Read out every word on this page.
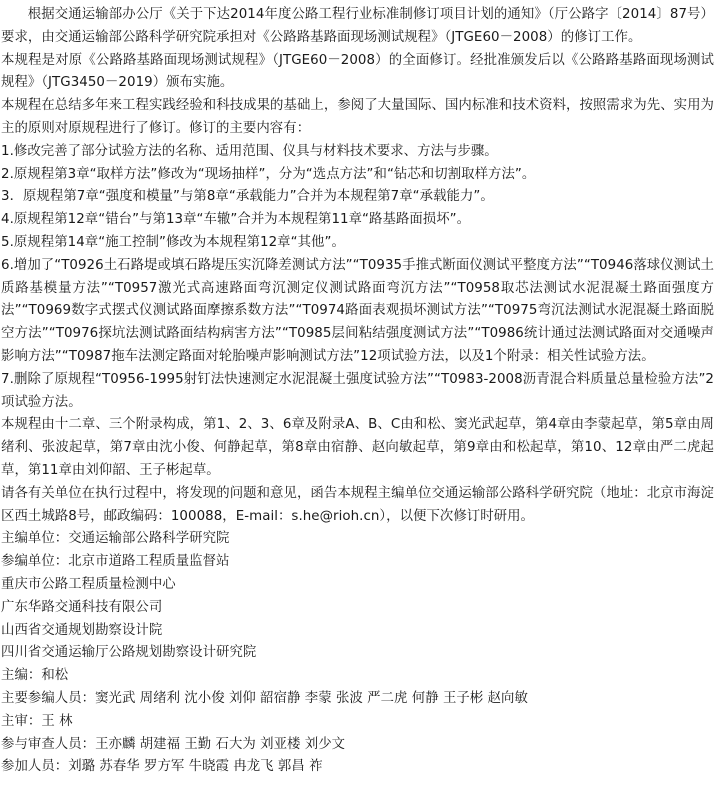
根据交通运输部办公厅《关于下达2014年度公路工程行业标准制修订项目计划的通知》（厅公路字〔2014〕87号）要求，由交通运输部公路科学研究院承担对《公路路基路面现场测试规程》（JTGE60－2008）的修订工作。

本规程是对原《公路路基路面现场测试规程》（JTGE60－2008）的全面修订。经批准颁发后以《公路路基路面现场测试规程》（JTG3450－2019）颁布实施。

本规程在总结多年来工程实践经验和科技成果的基础上，参阅了大量国际、国内标准和技术资料，按照需求为先、实用为主的原则对原规程进行了修订。修订的主要内容有：

1.修改完善了部分试验方法的名称、适用范围、仪具与材料技术要求、方法与步骤。

2.原规程第3章“取样方法”修改为“现场抽样”，分为“选点方法”和“钻芯和切割取样方法”。

3．原规程第7章“强度和模量”与第8章“承载能力”合并为本规程第7章“承载能力”。

4.原规程第12章“错台”与第13章“车辙”合并为本规程第11章“路基路面损坏”。

5.原规程第14章“施工控制”修改为本规程第12章“其他”。

6.增加了“T0926土石路堤或填石路堤压实沉降差测试方法”“T0935手推式断面仪测试平整度方法”“T0946落球仪测试土质路基模量方法”“T0957激光式高速路面弯沉测定仪测试路面弯沉方法”“T0958取芯法测试水泥混凝土路面强度方法”“T0969数字式摆式仪测试路面摩擦系数方法”“T0974路面表观损坏测试方法”“T0975弯沉法测试水泥混凝土路面脱空方法”“T0976探坑法测试路面结构病害方法”“T0985层间粘结强度测试方法”“T0986统计通过法测试路面对交通噪声影响方法”“T0987拖车法测定路面对轮胎噪声影响测试方法”12项试验方法，以及1个附录：相关性试验方法。

7.删除了原规程“T0956-1995射钉法快速测定水泥混凝土强度试验方法”“T0983-2008沥青混合料质量总量检验方法”2项试验方法。

本规程由十二章、三个附录构成，第1、2、3、6章及附录A、B、C由和松、窦光武起草，第4章由李蒙起草，第5章由周绪利、张波起草，第7章由沈小俊、何静起草，第8章由宿静、赵向敏起草，第9章由和松起草，第10、12章由严二虎起草，第11章由刘仰韶、王子彬起草。

请各有关单位在执行过程中，将发现的问题和意见，函告本规程主编单位交通运输部公路科学研究院（地址：北京市海淀区西土城路8号，邮政编码：100088，E-mail：s.he@rioh.cn），以便下次修订时研用。

主编单位：交通运输部公路科学研究院

参编单位：北京市道路工程质量监督站

重庆市公路工程质量检测中心

广东华路交通科技有限公司

山西省交通规划勘察设计院

四川省交通运输厅公路规划勘察设计研究院

主编：和松

主要参编人员：窦光武 周绪利 沈小俊 刘仰 韶宿静 李蒙 张波 严二虎 何静 王子彬 赵向敏

主审：王 林

参与审查人员：王亦麟 胡建福 王勤 石大为 刘亚楼 刘少文

参加人员：刘璐 苏春华 罗方军 牛晓霞 冉龙飞 郭昌 祚
